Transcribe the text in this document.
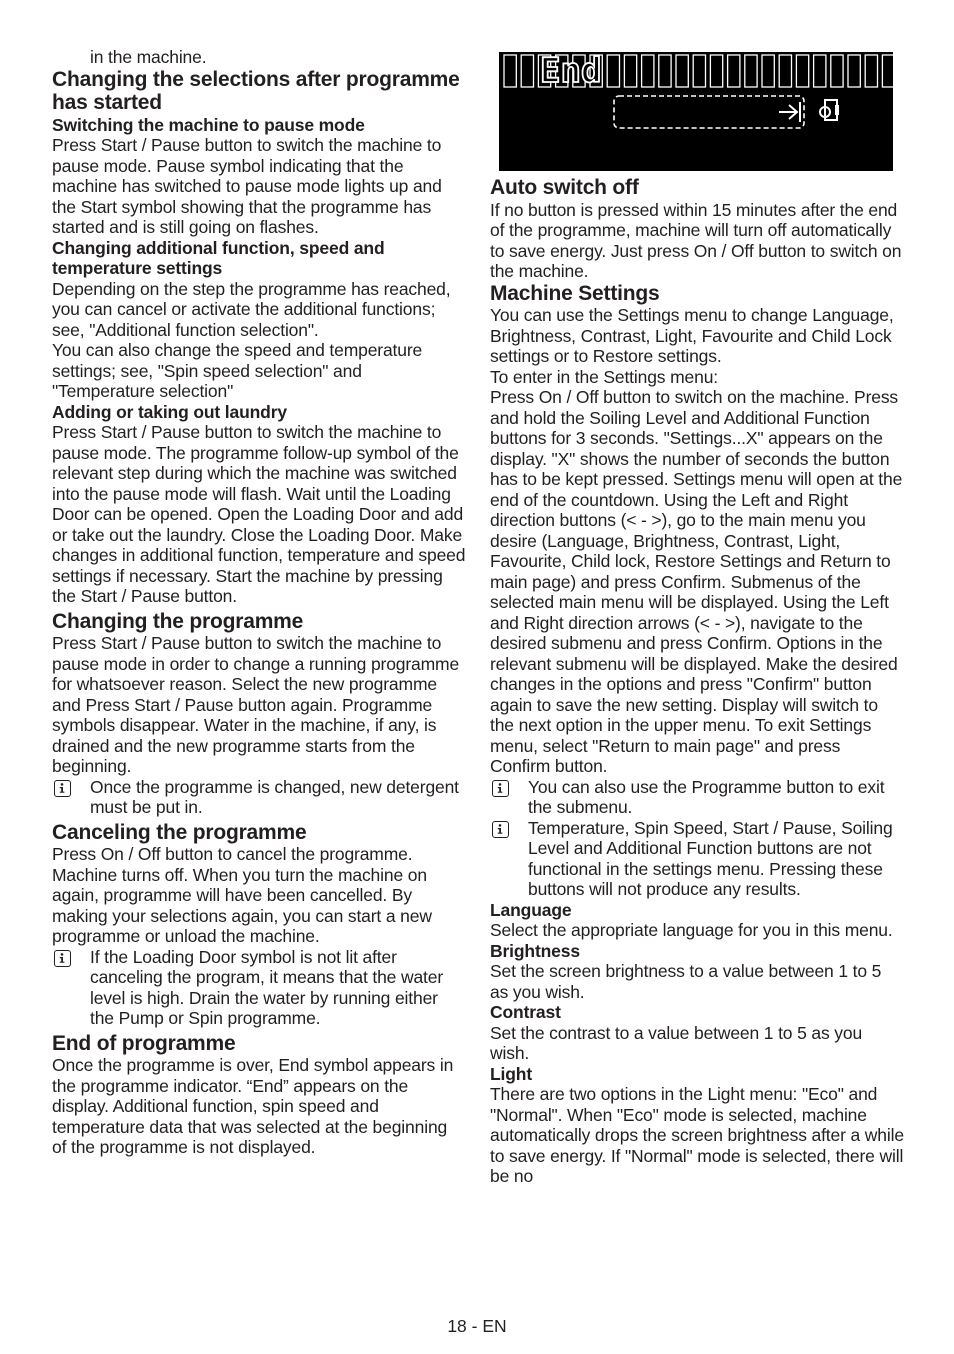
in the machine.

Changing the selections after programme has started
Switching the machine to pause mode

Press Start / Pause button to switch the machine to pause mode. Pause symbol indicating that the machine has switched to pause mode lights up and the Start symbol showing that the programme has started and is still going on flashes.

Changing additional function, speed and temperature settings

Depending on the step the programme has reached, you can cancel or activate the additional functions; see, "Additional function selection".

You can also change the speed and temperature settings; see, "Spin speed selection" and "Temperature selection"

Adding or taking out laundry

Press Start / Pause button to switch the machine to pause mode. The programme follow-up symbol of the relevant step during which the machine was switched into the pause mode will flash. Wait until the Loading Door can be opened. Open the Loading Door and add or take out the laundry. Close the Loading Door. Make changes in additional function, temperature and speed settings if necessary. Start the machine by pressing the Start / Pause button.

Changing the programme

Press Start / Pause button to switch the machine to pause mode in order to change a running programme for whatsoever reason. Select the new programme and Press Start / Pause button again. Programme symbols disappear. Water in the machine, if any, is drained and the new programme starts from the beginning.

Once the programme is changed, new detergent must be put in.

Canceling the programme

Press On / Off button to cancel the programme. Machine turns off. When you turn the machine on again, programme will have been cancelled. By making your selections again, you can start a new programme or unload the machine.

If the Loading Door symbol is not lit after canceling the program, it means that the water level is high. Drain the water by running either the Pump or Spin programme.

End of programme

Once the programme is over, End symbol appears in the programme indicator. “End” appears on the display. Additional function, spin speed and temperature data that was selected at the beginning of the programme is not displayed.

End
Auto switch off

If no button is pressed within 15 minutes after the end of the programme, machine will turn off automatically to save energy. Just press On / Off button to switch on the machine.

Machine Settings

You can use the Settings menu to change Language, Brightness, Contrast, Light, Favourite and Child Lock settings or to Restore settings.

To enter in the Settings menu:

Press On / Off button to switch on the machine. Press and hold the Soiling Level and Additional Function buttons for 3 seconds. "Settings...X" appears on the display. "X" shows the number of seconds the button has to be kept pressed. Settings menu will open at the end of the countdown. Using the Left and Right direction buttons (< - >), go to the main menu you desire (Language, Brightness, Contrast, Light, Favourite, Child lock, Restore Settings and Return to main page) and press Confirm. Submenus of the selected main menu will be displayed. Using the Left and Right direction arrows (< - >), navigate to the desired submenu and press Confirm. Options in the relevant submenu will be displayed. Make the desired changes in the options and press "Confirm" button again to save the new setting. Display will switch to the next option in the upper menu. To exit Settings menu, select "Return to main page" and press Confirm button.

You can also use the Programme button to exit the submenu.

Temperature, Spin Speed, Start / Pause, Soiling Level and Additional Function buttons are not functional in the settings menu. Pressing these buttons will not produce any results.

Language

Select the appropriate language for you in this menu.

Brightness

Set the screen brightness to a value between 1 to 5 as you wish.

Contrast

Set the contrast to a value between 1 to 5 as you wish.

Light

There are two options in the Light menu: "Eco" and "Normal". When "Eco" mode is selected, machine automatically drops the screen brightness after a while to save energy. If "Normal" mode is selected, there will be no

18 - EN
